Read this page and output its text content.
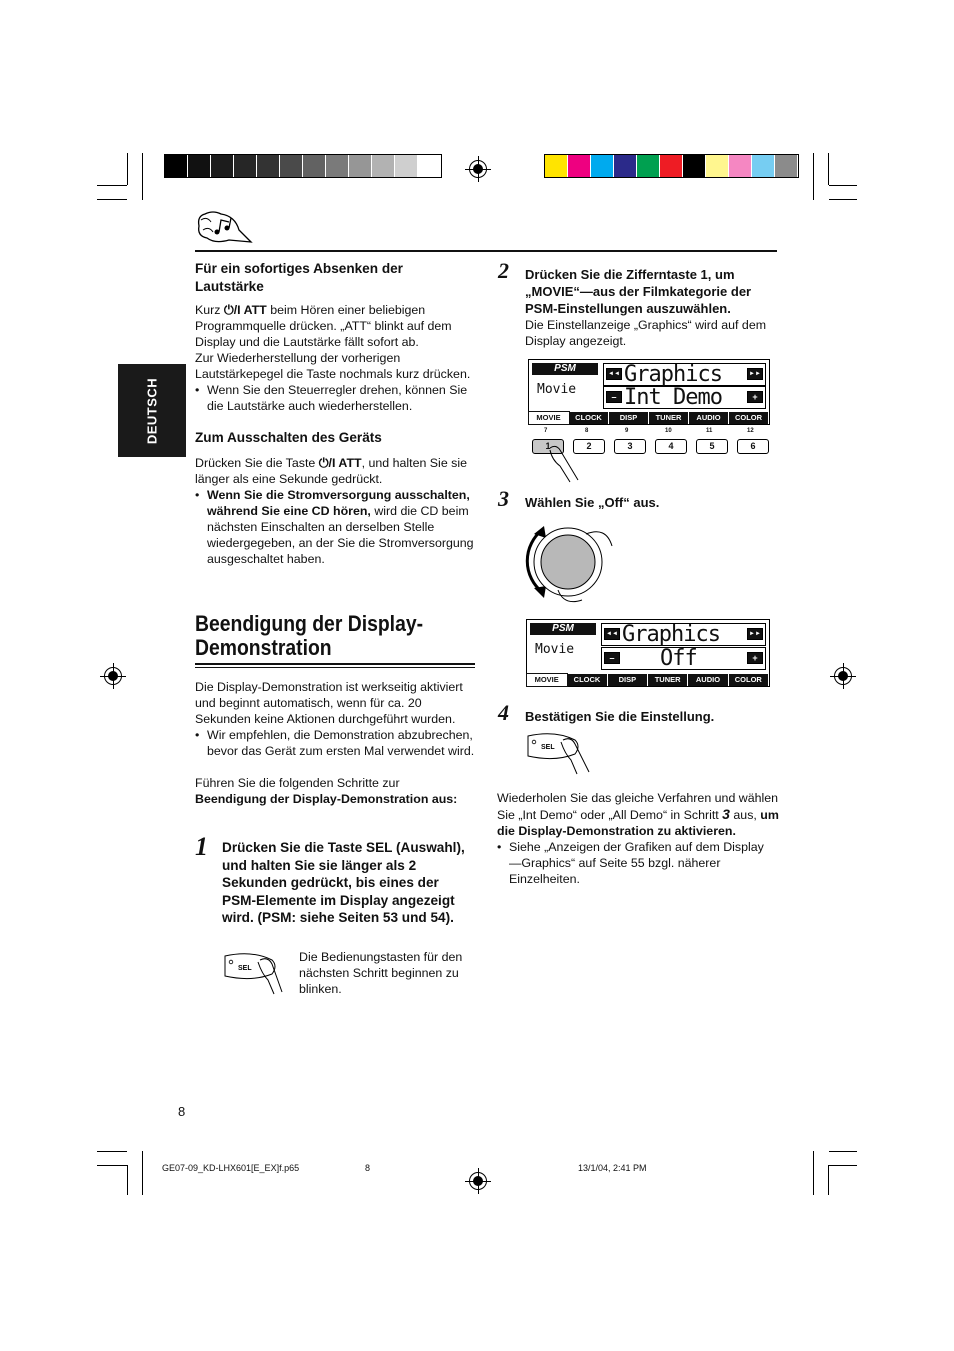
DEUTSCH
Für ein sofortiges Absenken der Lautstärke
Kurz ⏻/I ATT beim Hören einer beliebigen Programmquelle drücken. „ATT“ blinkt auf dem Display und die Lautstärke fällt sofort ab.
Zur Wiederherstellung der vorherigen Lautstärkepegel die Taste nochmals kurz drücken.
• Wenn Sie den Steuerregler drehen, können Sie die Lautstärke auch wiederherstellen.
Zum Ausschalten des Geräts
Drücken Sie die Taste ⏻/I ATT, und halten Sie sie länger als eine Sekunde gedrückt.
• Wenn Sie die Stromversorgung ausschalten, während Sie eine CD hören, wird die CD beim nächsten Einschalten an derselben Stelle wiedergegeben, an der Sie die Stromversorgung ausgeschaltet haben.
Beendigung der Display-
Demonstration
Die Display-Demonstration ist werkseitig aktiviert und beginnt automatisch, wenn für ca. 20 Sekunden keine Aktionen durchgeführt wurden.
• Wir empfehlen, die Demonstration abzubrechen, bevor das Gerät zum ersten Mal verwendet wird.
Führen Sie die folgenden Schritte zur
Beendigung der Display-Demonstration aus:
1 Drücken Sie die Taste SEL (Auswahl), und halten Sie sie länger als 2 Sekunden gedrückt, bis eines der PSM-Elemente im Display angezeigt wird. (PSM: siehe Seiten 53 und 54).
SEL
Die Bedienungstasten für den nächsten Schritt beginnen zu blinken.
2 Drücken Sie die Zifferntaste 1, um „MOVIE“—aus der Filmkategorie der PSM-Einstellungen auszuwählen.
Die Einstellanzeige „Graphics“ wird auf dem Display angezeigt.
PSM
Movie
Graphics
◄◄	►►
Int Demo
–	+
MOVIE	CLOCK	DISP	TUNER	AUDIO	COLOR
7	8	9	10	11	12
1	2	3	4	5	6
3 Wählen Sie „Off“ aus.
PSM
Movie
Graphics
◄◄	►►
Off
–	+
MOVIE	CLOCK	DISP	TUNER	AUDIO	COLOR
4 Bestätigen Sie die Einstellung.
SEL
Wiederholen Sie das gleiche Verfahren und wählen Sie „Int Demo“ oder „All Demo“ in Schritt 3 aus, um die Display-Demonstration zu aktivieren.
• Siehe „Anzeigen der Grafiken auf dem Display —Graphics“ auf Seite 55 bzgl. näherer Einzelheiten.
8
GE07-09_KD-LHX601[E_EX]f.p65	8	13/1/04, 2:41 PM
